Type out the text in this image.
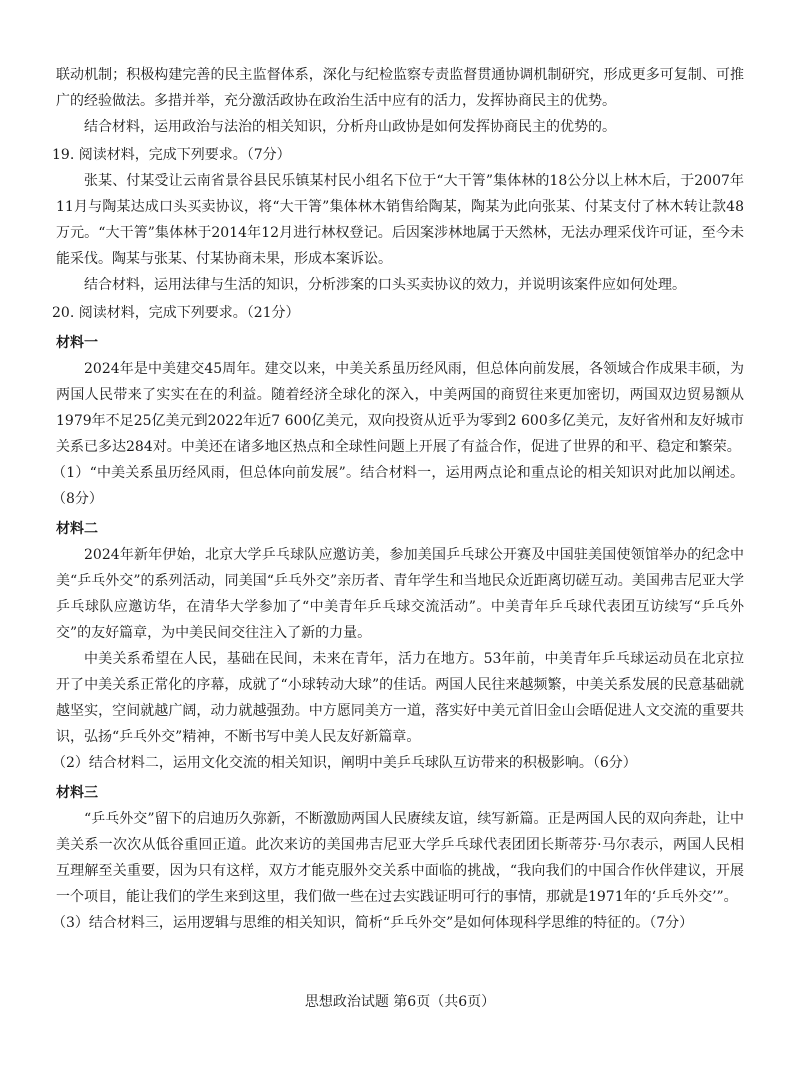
联动机制；积极构建完善的民主监督体系，深化与纪检监察专责监督贯通协调机制研究，形成更多可复制、可推广的经验做法。多措并举，充分激活政协在政治生活中应有的活力，发挥协商民主的优势。
结合材料，运用政治与法治的相关知识，分析舟山政协是如何发挥协商民主的优势的。
19. 阅读材料，完成下列要求。（7分）
张某、付某受让云南省景谷县民乐镇某村民小组名下位于“大干箐”集体林的18公分以上林木后，于2007年11月与陶某达成口头买卖协议，将“大干箐”集体林木销售给陶某，陶某为此向张某、付某支付了林木转让款48万元。“大干箐”集体林于2014年12月进行林权登记。后因案涉林地属于天然林，无法办理采伐许可证，至今未能采伐。陶某与张某、付某协商未果，形成本案诉讼。
结合材料，运用法律与生活的知识，分析涉案的口头买卖协议的效力，并说明该案件应如何处理。
20. 阅读材料，完成下列要求。（21分）
材料一
2024年是中美建交45周年。建交以来，中美关系虽历经风雨，但总体向前发展，各领域合作成果丰硕，为两国人民带来了实实在在的利益。随着经济全球化的深入，中美两国的商贸往来更加密切，两国双边贸易额从1979年不足25亿美元到2022年近7 600亿美元，双向投资从近乎为零到2 600多亿美元，友好省州和友好城市关系已多达284对。中美还在诸多地区热点和全球性问题上开展了有益合作，促进了世界的和平、稳定和繁荣。
（1）“中美关系虽历经风雨，但总体向前发展”。结合材料一，运用两点论和重点论的相关知识对此加以阐述。（8分）
材料二
2024年新年伊始，北京大学乒乓球队应邀访美，参加美国乒乓球公开赛及中国驻美国使领馆举办的纪念中美“乒乓外交”的系列活动，同美国“乒乓外交”亲历者、青年学生和当地民众近距离切磋互动。美国弗吉尼亚大学乒乓球队应邀访华，在清华大学参加了“中美青年乒乓球交流活动”。中美青年乒乓球代表团互访续写“乒乓外交”的友好篇章，为中美民间交往注入了新的力量。
中美关系希望在人民，基础在民间，未来在青年，活力在地方。53年前，中美青年乒乓球运动员在北京拉开了中美关系正常化的序幕，成就了“小球转动大球”的佳话。两国人民往来越频繁，中美关系发展的民意基础就越坚实，空间就越广阔，动力就越强劲。中方愿同美方一道，落实好中美元首旧金山会晤促进人文交流的重要共识，弘扬“乒乓外交”精神，不断书写中美人民友好新篇章。
（2）结合材料二，运用文化交流的相关知识，阐明中美乒乓球队互访带来的积极影响。（6分）
材料三
“乒乓外交”留下的启迪历久弥新，不断激励两国人民赓续友谊，续写新篇。正是两国人民的双向奔赴，让中美关系一次次从低谷重回正道。此次来访的美国弗吉尼亚大学乒乓球代表团团长斯蒂芬·马尔表示，两国人民相互理解至关重要，因为只有这样，双方才能克服外交关系中面临的挑战，“我向我们的中国合作伙伴建议，开展一个项目，能让我们的学生来到这里，我们做一些在过去实践证明可行的事情，那就是1971年的‘乒乓外交’”。
（3）结合材料三，运用逻辑与思维的相关知识，简析“乒乓外交”是如何体现科学思维的特征的。（7分）
思想政治试题 第6页（共6页）
